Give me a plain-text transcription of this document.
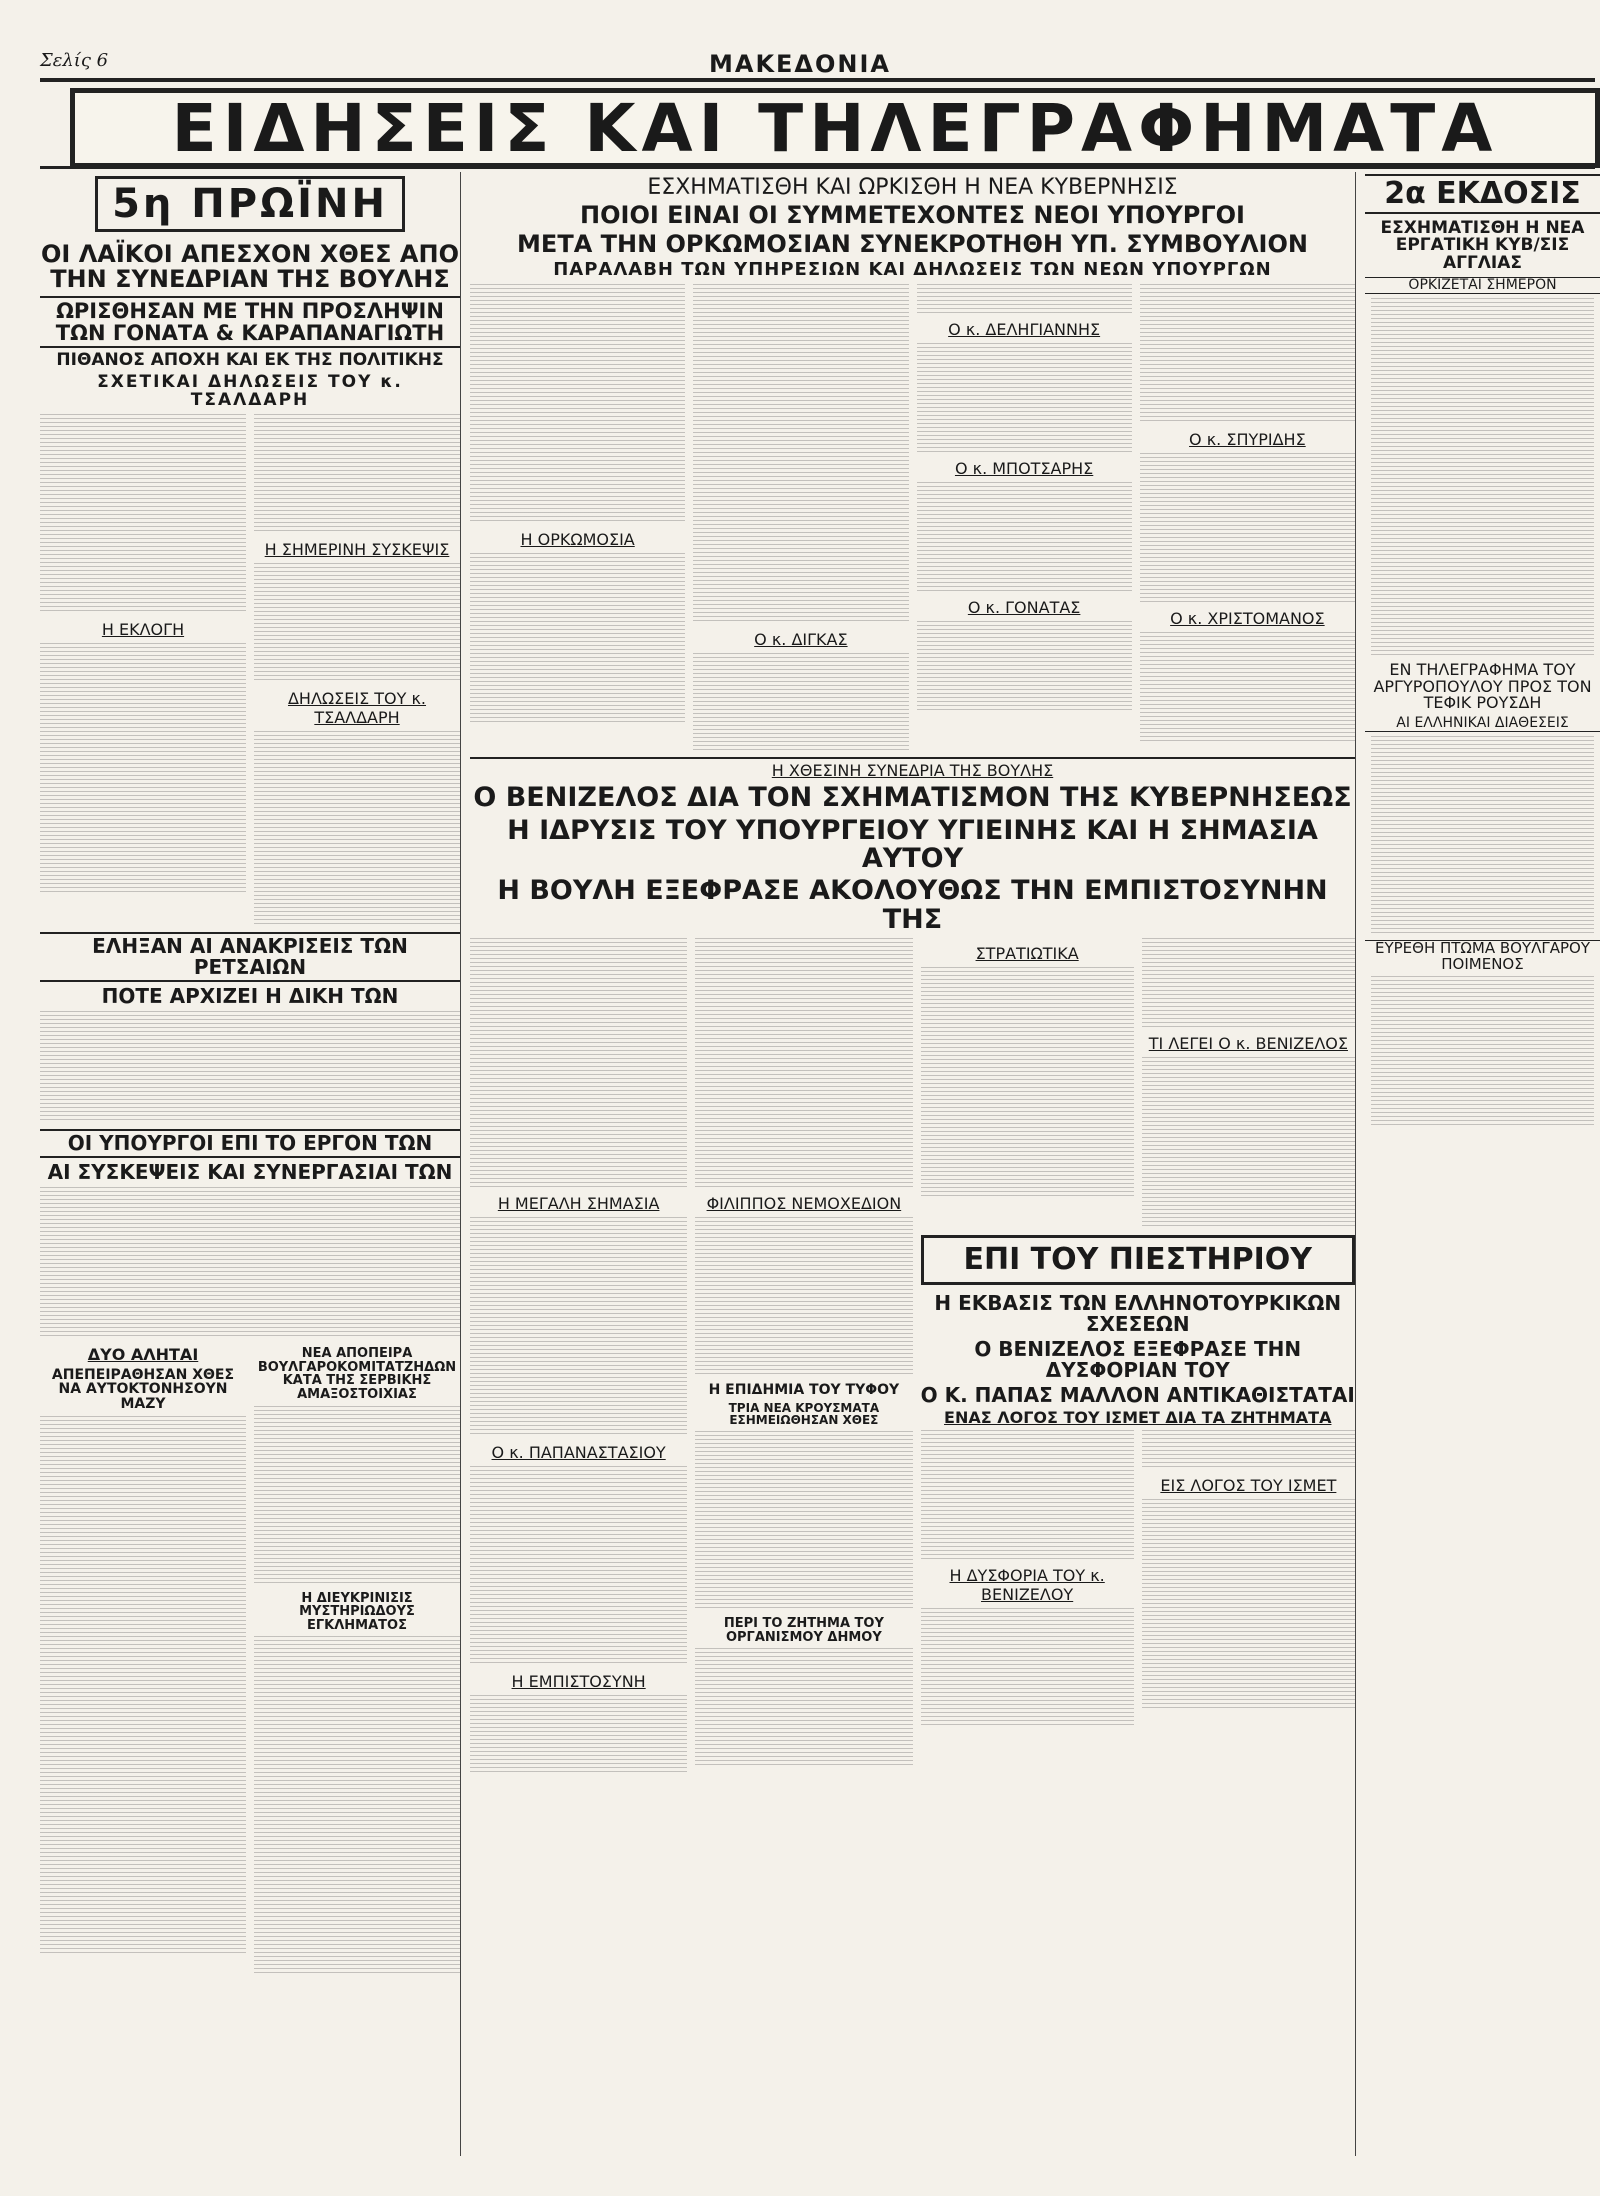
Σελίς 6	ΜΑΚΕΔΟΝΙΑ
ΕΙΔΗΣΕΙΣ ΚΑΙ ΤΗΛΕΓΡΑΦΗΜΑΤΑ
5η ΠΡΩΪΝΗ
ΟΙ ΛΑΪΚΟΙ ΑΠΕΣΧΟΝ ΧΘΕΣ ΑΠΟ ΤΗΝ ΣΥΝΕΔΡΙΑΝ ΤΗΣ ΒΟΥΛΗΣ
ΩΡΙΣΘΗΣΑΝ ΜΕ ΤΗΝ ΠΡΟΣΛΗΨΙΝ ΤΩΝ ΓΟΝΑΤΑ & ΚΑΡΑΠΑΝΑΓΙΩΤΗ
ΠΙΘΑΝΟΣ ΑΠΟΧΗ ΚΑΙ ΕΚ ΤΗΣ ΠΟΛΙΤΙΚΗΣ
ΣΧΕΤΙΚΑΙ ΔΗΛΩΣΕΙΣ ΤΟΥ κ. ΤΣΑΛΔΑΡΗ
Η ΕΚΛΟΓΗ
Η ΣΗΜΕΡΙΝΗ ΣΥΣΚΕΨΙΣ
ΔΗΛΩΣΕΙΣ ΤΟΥ κ. ΤΣΑΛΔΑΡΗ
ΕΛΗΞΑΝ ΑΙ ΑΝΑΚΡΙΣΕΙΣ ΤΩΝ ΡΕΤΣΑΙΩΝ
ΠΟΤΕ ΑΡΧΙΖΕΙ Η ΔΙΚΗ ΤΩΝ
ΟΙ ΥΠΟΥΡΓΟΙ ΕΠΙ ΤΟ ΕΡΓΟΝ ΤΩΝ
ΑΙ ΣΥΣΚΕΨΕΙΣ ΚΑΙ ΣΥΝΕΡΓΑΣΙΑΙ ΤΩΝ
ΔΥΟ ΑΛΗΤΑΙ
ΑΠΕΠΕΙΡΑΘΗΣΑΝ ΧΘΕΣ ΝΑ ΑΥΤΟΚΤΟΝΗΣΟΥΝ ΜΑΖΥ
ΝΕΑ ΑΠΟΠΕΙΡΑ ΒΟΥΛΓΑΡΟΚΟΜΙΤΑΤΖΗΔΩΝ ΚΑΤΑ ΤΗΣ ΣΕΡΒΙΚΗΣ ΑΜΑΞΟΣΤΟΙΧΙΑΣ
Η ΔΙΕΥΚΡΙΝΙΣΙΣ ΜΥΣΤΗΡΙΩΔΟΥΣ ΕΓΚΛΗΜΑΤΟΣ
ΕΣΧΗΜΑΤΙΣΘΗ ΚΑΙ ΩΡΚΙΣΘΗ Η ΝΕΑ ΚΥΒΕΡΝΗΣΙΣ
ΠΟΙΟΙ ΕΙΝΑΙ ΟΙ ΣΥΜΜΕΤΕΧΟΝΤΕΣ ΝΕΟΙ ΥΠΟΥΡΓΟΙ
ΜΕΤΑ ΤΗΝ ΟΡΚΩΜΟΣΙΑΝ ΣΥΝΕΚΡΟΤΗΘΗ ΥΠ. ΣΥΜΒΟΥΛΙΟΝ
ΠΑΡΑΛΑΒΗ ΤΩΝ ΥΠΗΡΕΣΙΩΝ ΚΑΙ ΔΗΛΩΣΕΙΣ ΤΩΝ ΝΕΩΝ ΥΠΟΥΡΓΩΝ
Η ΟΡΚΩΜΟΣΙΑ
Ο κ. ΔΙΓΚΑΣ
Ο κ. ΔΕΛΗΓΙΑΝΝΗΣ
Ο κ. ΜΠΟΤΣΑΡΗΣ
Ο κ. ΓΟΝΑΤΑΣ
Ο κ. ΣΠΥΡΙΔΗΣ
Ο κ. ΧΡΙΣΤΟΜΑΝΟΣ
Η ΧΘΕΣΙΝΗ ΣΥΝΕΔΡΙΑ ΤΗΣ ΒΟΥΛΗΣ
Ο ΒΕΝΙΖΕΛΟΣ ΔΙΑ ΤΟΝ ΣΧΗΜΑΤΙΣΜΟΝ ΤΗΣ ΚΥΒΕΡΝΗΣΕΩΣ
Η ΙΔΡΥΣΙΣ ΤΟΥ ΥΠΟΥΡΓΕΙΟΥ ΥΓΙΕΙΝΗΣ ΚΑΙ Η ΣΗΜΑΣΙΑ ΑΥΤΟΥ
Η ΒΟΥΛΗ ΕΞΕΦΡΑΣΕ ΑΚΟΛΟΥΘΩΣ ΤΗΝ ΕΜΠΙΣΤΟΣΥΝΗΝ ΤΗΣ
Η ΜΕΓΑΛΗ ΣΗΜΑΣΙΑ
Ο κ. ΠΑΠΑΝΑΣΤΑΣΙΟΥ
Η ΕΜΠΙΣΤΟΣΥΝΗ
ΦΙΛΙΠΠΟΣ ΝΕΜΟΧΕΔΙΟΝ
Η ΕΠΙΔΗΜΙΑ ΤΟΥ ΤΥΦΟΥ
ΤΡΙΑ ΝΕΑ ΚΡΟΥΣΜΑΤΑ ΕΣΗΜΕΙΩΘΗΣΑΝ ΧΘΕΣ
ΠΕΡΙ ΤΟ ΖΗΤΗΜΑ ΤΟΥ ΟΡΓΑΝΙΣΜΟΥ ΔΗΜΟΥ
ΣΤΡΑΤΙΩΤΙΚΑ
ΤΙ ΛΕΓΕΙ Ο κ. ΒΕΝΙΖΕΛΟΣ
ΕΠΙ ΤΟΥ ΠΙΕΣΤΗΡΙΟΥ
Η ΕΚΒΑΣΙΣ ΤΩΝ ΕΛΛΗΝΟΤΟΥΡΚΙΚΩΝ ΣΧΕΣΕΩΝ
Ο ΒΕΝΙΖΕΛΟΣ ΕΞΕΦΡΑΣΕ ΤΗΝ ΔΥΣΦΟΡΙΑΝ ΤΟΥ
Ο Κ. ΠΑΠΑΣ ΜΑΛΛΟΝ ΑΝΤΙΚΑΘΙΣΤΑΤΑΙ
ΕΝΑΣ ΛΟΓΟΣ ΤΟΥ ΙΣΜΕΤ ΔΙΑ ΤΑ ΖΗΤΗΜΑΤΑ
Η ΔΥΣΦΟΡΙΑ ΤΟΥ κ. ΒΕΝΙΖΕΛΟΥ
ΕΙΣ ΛΟΓΟΣ ΤΟΥ ΙΣΜΕΤ
2α ΕΚΔΟΣΙΣ
ΕΣΧΗΜΑΤΙΣΘΗ Η ΝΕΑ ΕΡΓΑΤΙΚΗ ΚΥΒ/ΣΙΣ ΑΓΓΛΙΑΣ
ΟΡΚΙΖΕΤΑΙ ΣΗΜΕΡΟΝ
ΕΝ ΤΗΛΕΓΡΑΦΗΜΑ ΤΟΥ ΑΡΓΥΡΟΠΟΥΛΟΥ ΠΡΟΣ ΤΟΝ ΤΕΦΙΚ ΡΟΥΣΔΗ
ΑΙ ΕΛΛΗΝΙΚΑΙ ΔΙΑΘΕΣΕΙΣ
ΕΥΡΕΘΗ ΠΤΩΜΑ ΒΟΥΛΓΑΡΟΥ ΠΟΙΜΕΝΟΣ
